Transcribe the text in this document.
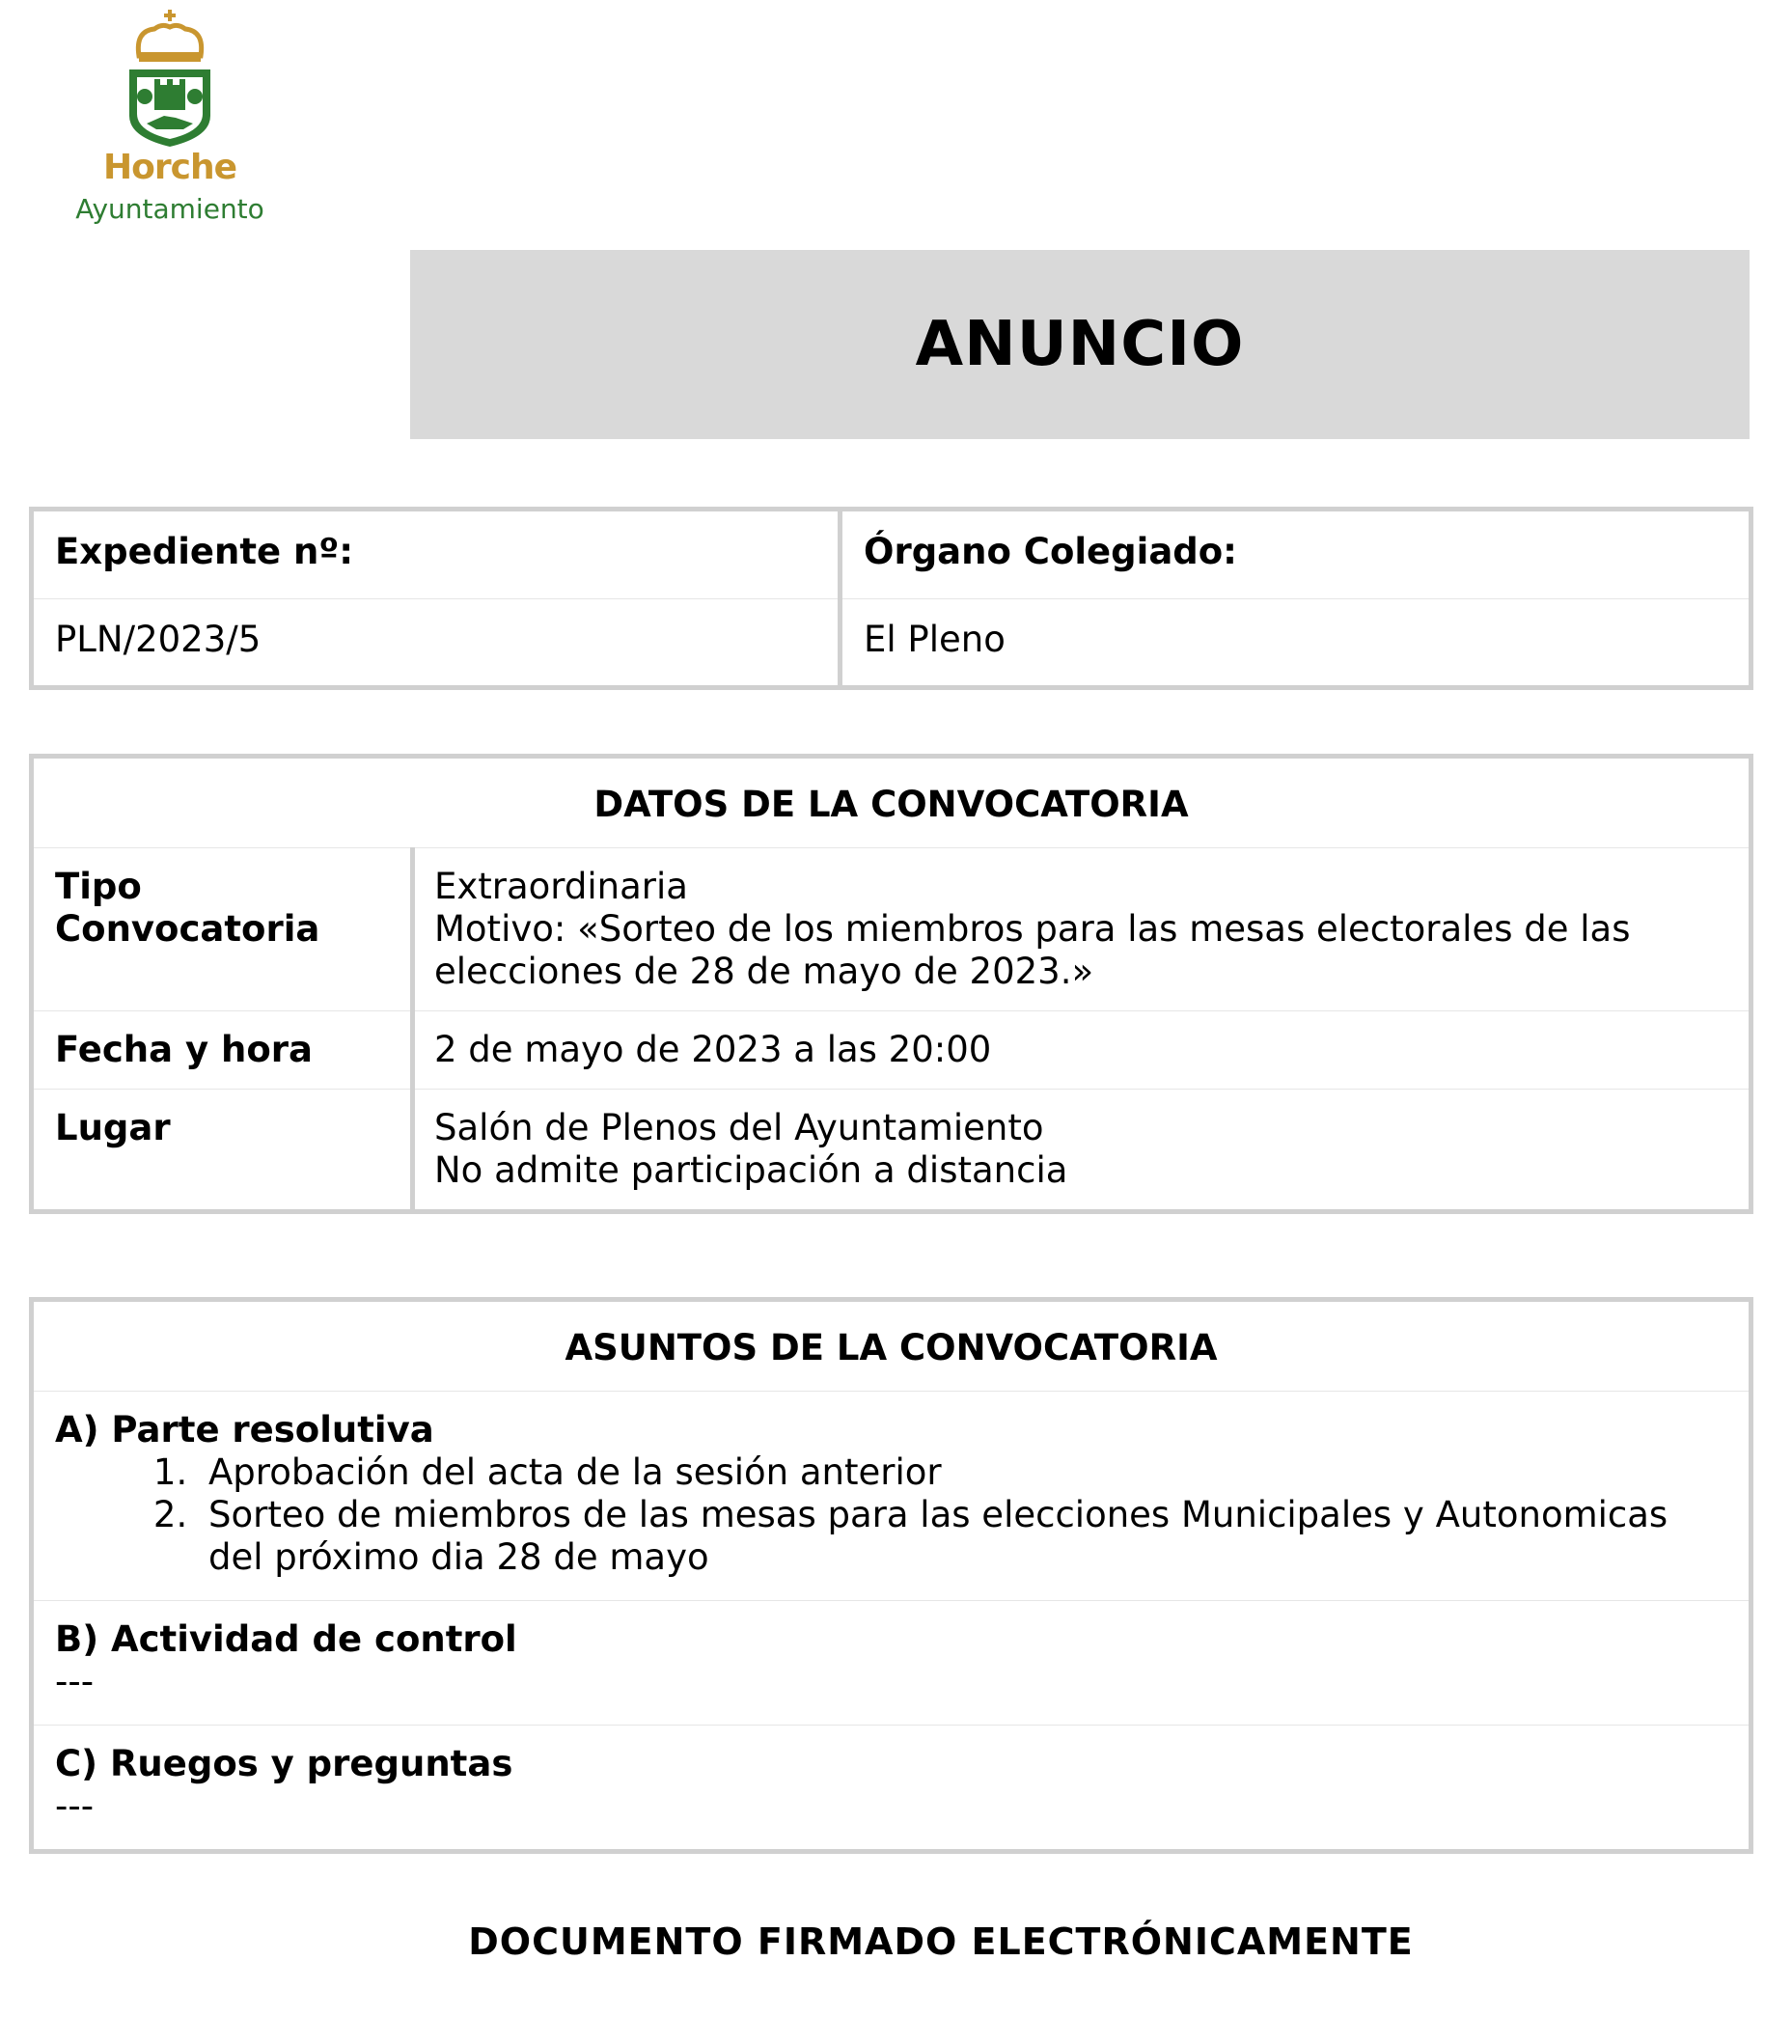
Horche
Ayuntamiento
ANUNCIO
Expediente nº:	Órgano Colegiado:
PLN/2023/5	El Pleno
DATOS DE LA CONVOCATORIA	
Tipo Convocatoria	Extraordinaria
Motivo: «Sorteo de los miembros para las mesas electorales de las elecciones de 28 de mayo de 2023.»

Fecha y hora	2 de mayo de 2023 a las 20:00
Lugar	Salón de Plenos del Ayuntamiento
No admite participación a distancia
ASUNTOS DE LA CONVOCATORIA

A) Parte resolutiva
1. Aprobación del acta de la sesión anterior
2. Sorteo de miembros de las mesas para las elecciones Municipales y Autonomicas del próximo dia 28 de mayo

B) Actividad de control
---

C) Ruegos y preguntas
---
DOCUMENTO FIRMADO ELECTRÓNICAMENTE
